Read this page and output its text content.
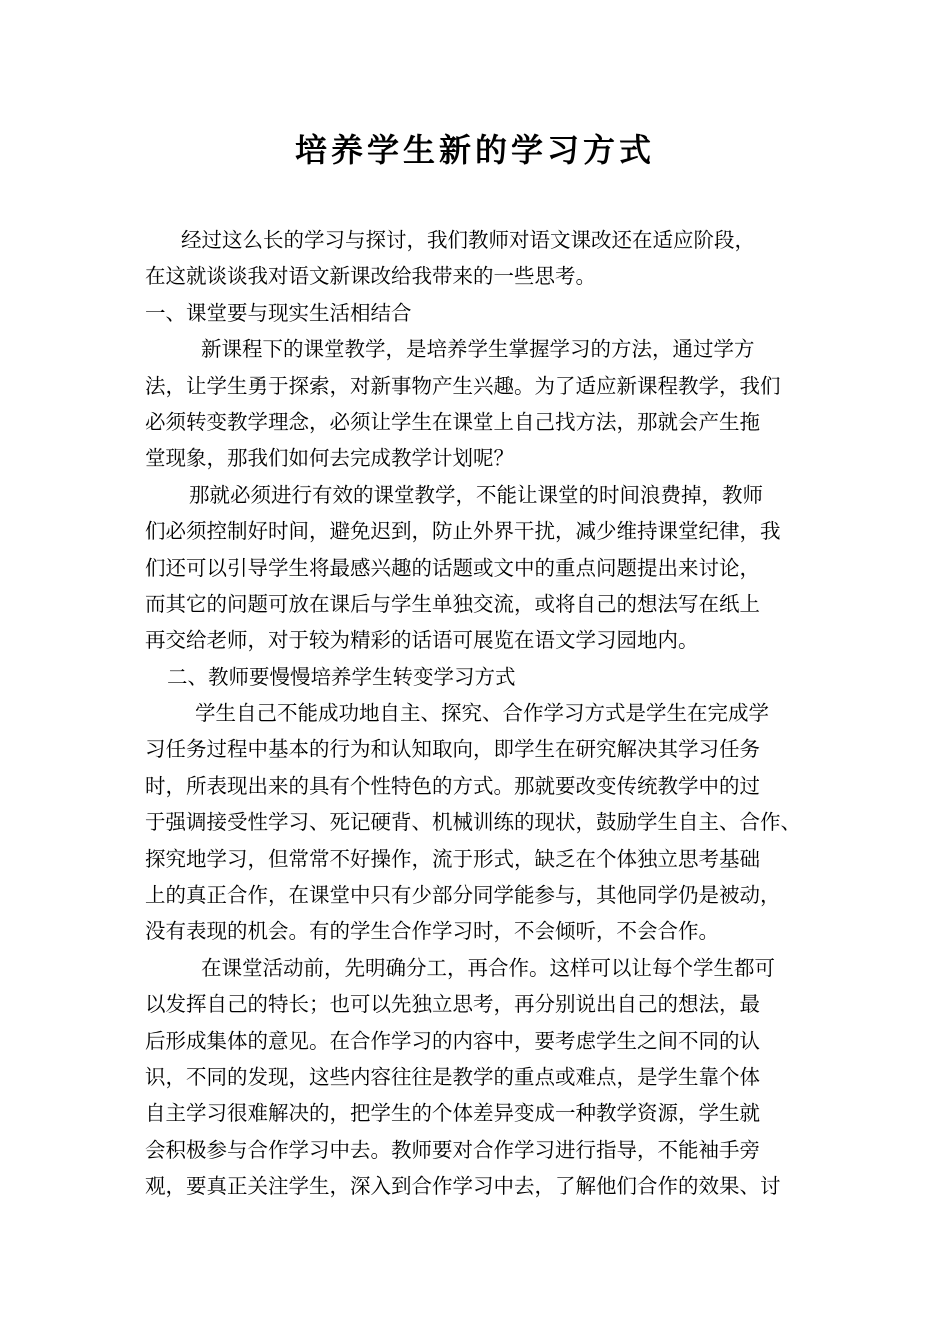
培养学生新的学习方式
经过这么长的学习与探讨，我们教师对语文课改还在适应阶段，
在这就谈谈我对语文新课改给我带来的一些思考。
一、课堂要与现实生活相结合
新课程下的课堂教学，是培养学生掌握学习的方法，通过学方
法，让学生勇于探索，对新事物产生兴趣。为了适应新课程教学，我们
必须转变教学理念，必须让学生在课堂上自己找方法，那就会产生拖
堂现象，那我们如何去完成教学计划呢？
那就必须进行有效的课堂教学，不能让课堂的时间浪费掉，教师
们必须控制好时间，避免迟到，防止外界干扰，减少维持课堂纪律，我
们还可以引导学生将最感兴趣的话题或文中的重点问题提出来讨论，
而其它的问题可放在课后与学生单独交流，或将自己的想法写在纸上
再交给老师，对于较为精彩的话语可展览在语文学习园地内。
二、教师要慢慢培养学生转变学习方式
学生自己不能成功地自主、探究、合作学习方式是学生在完成学
习任务过程中基本的行为和认知取向，即学生在研究解决其学习任务
时，所表现出来的具有个性特色的方式。那就要改变传统教学中的过
于强调接受性学习、死记硬背、机械训练的现状，鼓励学生自主、合作、
探究地学习，但常常不好操作，流于形式，缺乏在个体独立思考基础
上的真正合作，在课堂中只有少部分同学能参与，其他同学仍是被动，
没有表现的机会。有的学生合作学习时，不会倾听，不会合作。
在课堂活动前，先明确分工，再合作。这样可以让每个学生都可
以发挥自己的特长；也可以先独立思考，再分别说出自己的想法，最
后形成集体的意见。在合作学习的内容中，要考虑学生之间不同的认
识，不同的发现，这些内容往往是教学的重点或难点，是学生靠个体
自主学习很难解决的，把学生的个体差异变成一种教学资源，学生就
会积极参与合作学习中去。教师要对合作学习进行指导，不能袖手旁
观，要真正关注学生，深入到合作学习中去，了解他们合作的效果、讨
